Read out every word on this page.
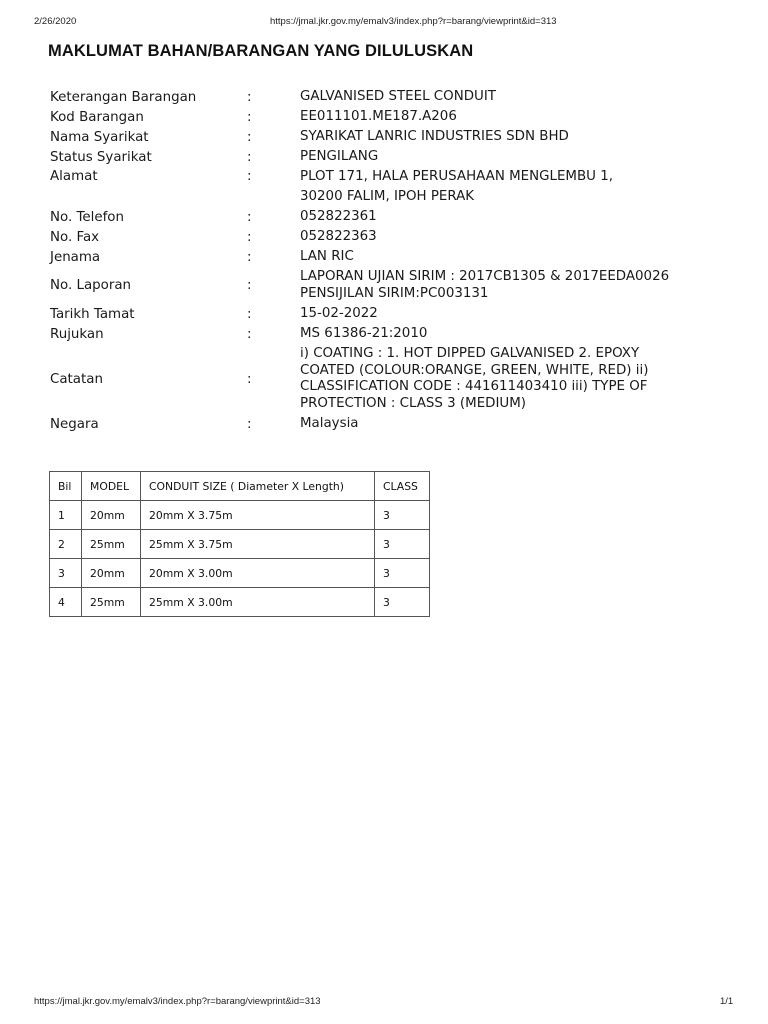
2/26/2020	https://jmal.jkr.gov.my/emalv3/index.php?r=barang/viewprint&id=313
MAKLUMAT BAHAN/BARANGAN YANG DILULUSKAN
Keterangan Barangan	:	GALVANISED STEEL CONDUIT
Kod Barangan	:	EE011101.ME187.A206
Nama Syarikat	:	SYARIKAT LANRIC INDUSTRIES SDN BHD
Status Syarikat	:	PENGILANG
Alamat	:	PLOT 171, HALA PERUSAHAAN MENGLEMBU 1,
30200 FALIM, IPOH PERAK
No. Telefon	:	052822361
No. Fax	:	052822363
Jenama	:	LAN RIC
No. Laporan	:
LAPORAN UJIAN SIRIM : 2017CB1305 & 2017EEDA0026
PENSIJILAN SIRIM:PC003131
Tarikh Tamat	:	15-02-2022
Rujukan	:	MS 61386-21:2010
Catatan	:
i) COATING : 1. HOT DIPPED GALVANISED 2. EPOXY
COATED (COLOUR:ORANGE, GREEN, WHITE, RED) ii)
CLASSIFICATION CODE : 441611403410 iii) TYPE OF
PROTECTION : CLASS 3 (MEDIUM)
Negara	:	Malaysia
Bil	MODEL	CONDUIT SIZE ( Diameter X Length)	CLASS
1	20mm	20mm X 3.75m	3
2	25mm	25mm X 3.75m	3
3	20mm	20mm X 3.00m	3
4	25mm	25mm X 3.00m	3
https://jmal.jkr.gov.my/emalv3/index.php?r=barang/viewprint&id=313	1/1
